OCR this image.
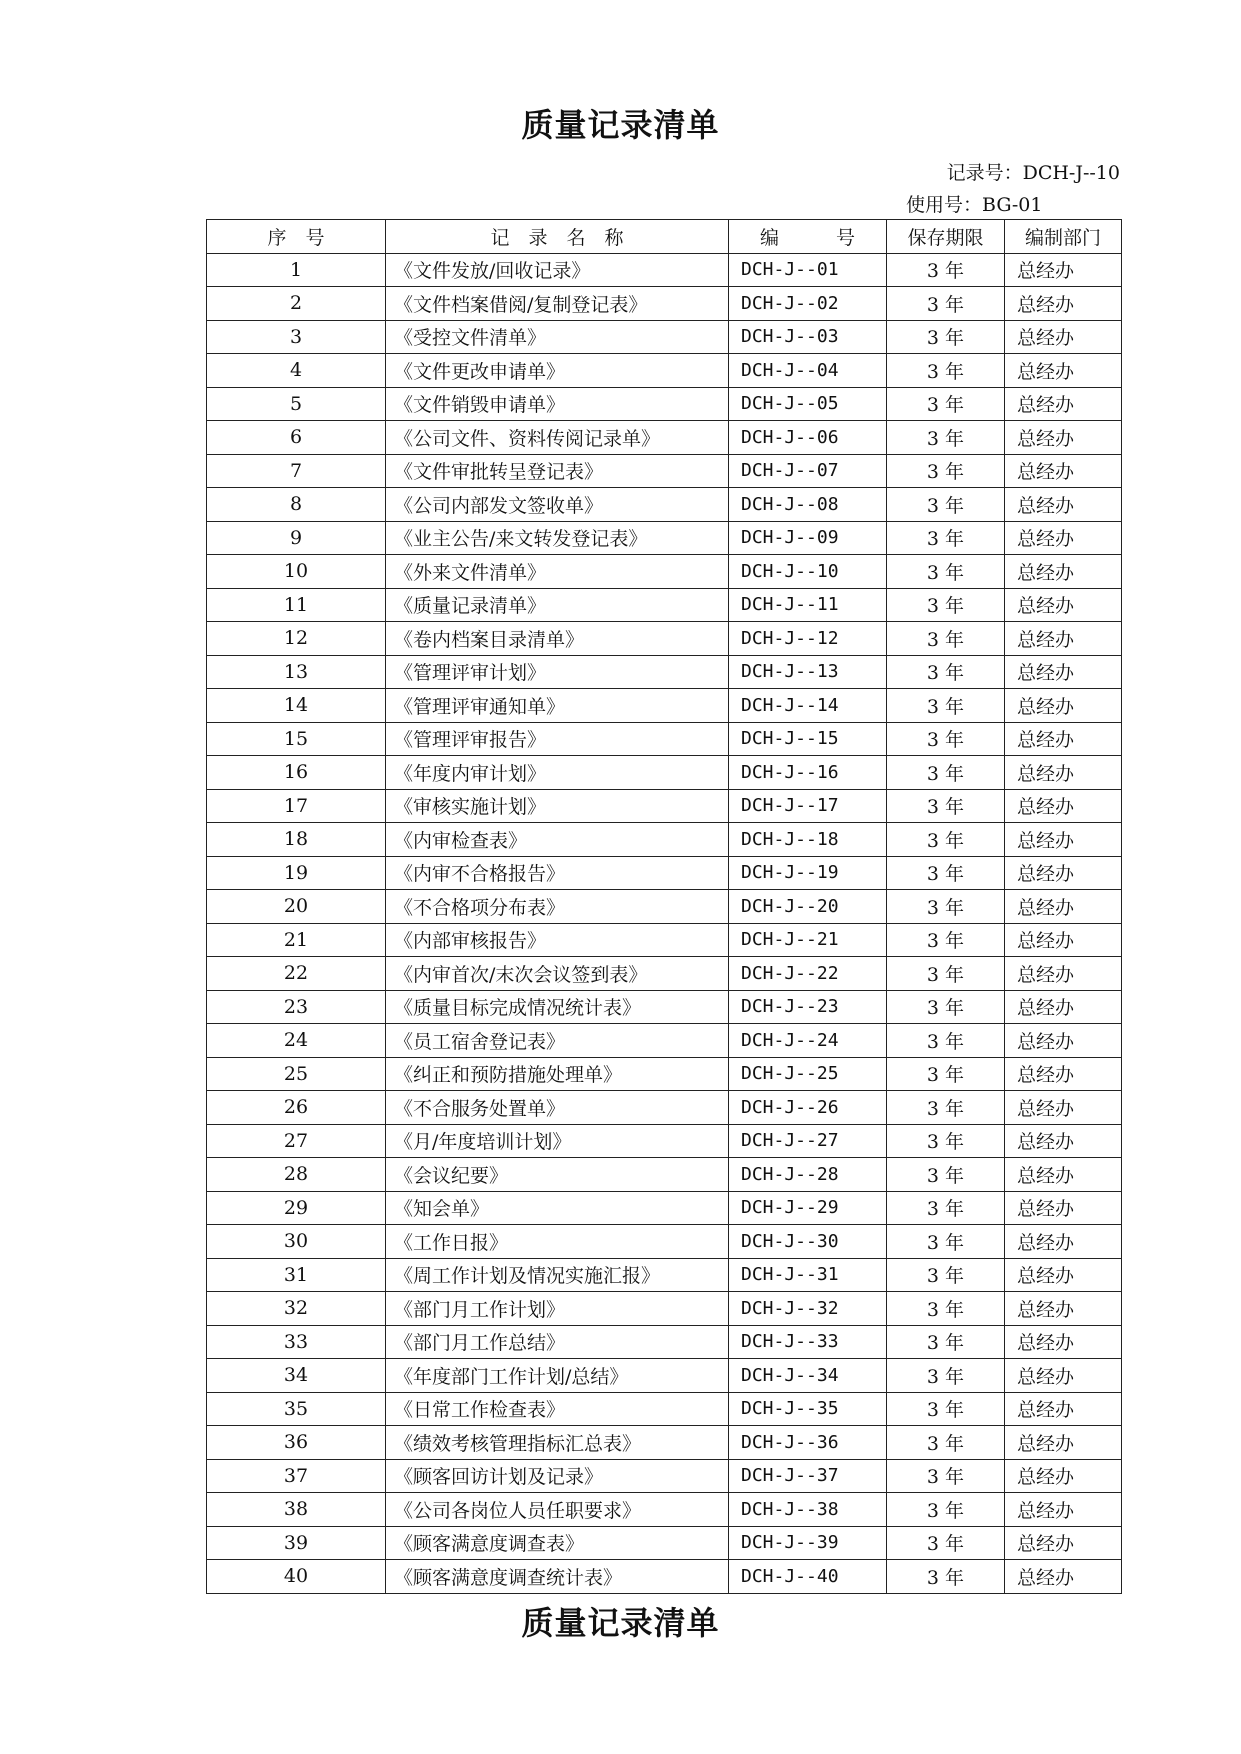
质量记录清单
记录号：DCH-J--10
使用号：BG-01
序　号	记　录　名　称	编　　　号	保存期限	编制部门
1	《文件发放/回收记录》	DCH-J--01	3 年	总经办
2	《文件档案借阅/复制登记表》	DCH-J--02	3 年	总经办
3	《受控文件清单》	DCH-J--03	3 年	总经办
4	《文件更改申请单》	DCH-J--04	3 年	总经办
5	《文件销毁申请单》	DCH-J--05	3 年	总经办
6	《公司文件、资料传阅记录单》	DCH-J--06	3 年	总经办
7	《文件审批转呈登记表》	DCH-J--07	3 年	总经办
8	《公司内部发文签收单》	DCH-J--08	3 年	总经办
9	《业主公告/来文转发登记表》	DCH-J--09	3 年	总经办
10	《外来文件清单》	DCH-J--10	3 年	总经办
11	《质量记录清单》	DCH-J--11	3 年	总经办
12	《卷内档案目录清单》	DCH-J--12	3 年	总经办
13	《管理评审计划》	DCH-J--13	3 年	总经办
14	《管理评审通知单》	DCH-J--14	3 年	总经办
15	《管理评审报告》	DCH-J--15	3 年	总经办
16	《年度内审计划》	DCH-J--16	3 年	总经办
17	《审核实施计划》	DCH-J--17	3 年	总经办
18	《内审检查表》	DCH-J--18	3 年	总经办
19	《内审不合格报告》	DCH-J--19	3 年	总经办
20	《不合格项分布表》	DCH-J--20	3 年	总经办
21	《内部审核报告》	DCH-J--21	3 年	总经办
22	《内审首次/末次会议签到表》	DCH-J--22	3 年	总经办
23	《质量目标完成情况统计表》	DCH-J--23	3 年	总经办
24	《员工宿舍登记表》	DCH-J--24	3 年	总经办
25	《纠正和预防措施处理单》	DCH-J--25	3 年	总经办
26	《不合服务处置单》	DCH-J--26	3 年	总经办
27	《月/年度培训计划》	DCH-J--27	3 年	总经办
28	《会议纪要》	DCH-J--28	3 年	总经办
29	《知会单》	DCH-J--29	3 年	总经办
30	《工作日报》	DCH-J--30	3 年	总经办
31	《周工作计划及情况实施汇报》	DCH-J--31	3 年	总经办
32	《部门月工作计划》	DCH-J--32	3 年	总经办
33	《部门月工作总结》	DCH-J--33	3 年	总经办
34	《年度部门工作计划/总结》	DCH-J--34	3 年	总经办
35	《日常工作检查表》	DCH-J--35	3 年	总经办
36	《绩效考核管理指标汇总表》	DCH-J--36	3 年	总经办
37	《顾客回访计划及记录》	DCH-J--37	3 年	总经办
38	《公司各岗位人员任职要求》	DCH-J--38	3 年	总经办
39	《顾客满意度调查表》	DCH-J--39	3 年	总经办
40	《顾客满意度调查统计表》	DCH-J--40	3 年	总经办
质量记录清单
